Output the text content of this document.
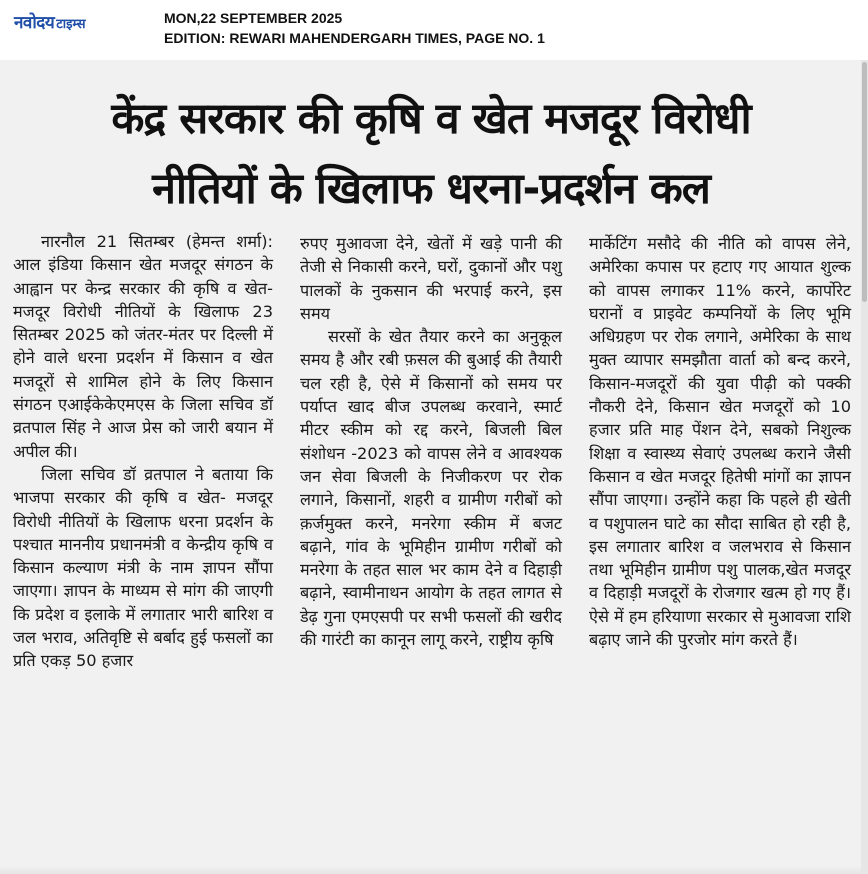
नवोदय टाइम्स	MON,22 SEPTEMBER 2025
EDITION: REWARI MAHENDERGARH TIMES, PAGE NO. 1
केंद्र सरकार की कृषि व खेत मजदूर विरोधी
नीतियों के खिलाफ धरना-प्रदर्शन कल

नारनौल 21 सितम्बर (हेमन्त शर्मा): आल इंडिया किसान खेत मजदूर संगठन के आह्वान पर केन्द्र सरकार की कृषि व खेत- मजदूर विरोधी नीतियों के खिलाफ 23 सितम्बर 2025 को जंतर-मंतर पर दिल्ली में होने वाले धरना प्रदर्शन में किसान व खेत मजदूरों से शामिल होने के लिए किसान संगठन एआईकेकेएमएस के जिला सचिव डॉ व्रतपाल सिंह ने आज प्रेस को जारी बयान में अपील की।

जिला सचिव डॉ व्रतपाल ने बताया कि भाजपा सरकार की कृषि व खेत- मजदूर विरोधी नीतियों के खिलाफ धरना प्रदर्शन के पश्चात माननीय प्रधानमंत्री व केन्द्रीय कृषि व किसान कल्याण मंत्री के नाम ज्ञापन सौंपा जाएगा। ज्ञापन के माध्यम से मांग की जाएगी कि प्रदेश व इलाके में लगातार भारी बारिश व जल भराव, अतिवृष्टि से बर्बाद हुई फसलों का प्रति एकड़ 50 हजार

रुपए मुआवजा देने, खेतों में खड़े पानी की तेजी से निकासी करने, घरों, दुकानों और पशु पालकों के नुकसान की भरपाई करने, इस समय

सरसों के खेत तैयार करने का अनुकूल समय है और रबी फ़सल की बुआई की तैयारी चल रही है, ऐसे में किसानों को समय पर पर्याप्त खाद बीज उपलब्ध करवाने, स्मार्ट मीटर स्कीम को रद्द करने, बिजली बिल संशोधन -2023 को वापस लेने व आवश्यक जन सेवा बिजली के निजीकरण पर रोक लगाने, किसानों, शहरी व ग्रामीण गरीबों को क़र्जमुक्त करने, मनरेगा स्कीम में बजट बढ़ाने, गांव के भूमिहीन ग्रामीण गरीबों को मनरेगा के तहत साल भर काम देने व दिहाड़ी बढ़ाने, स्वामीनाथन आयोग के तहत लागत से डेढ़ गुना एमएसपी पर सभी फसलों की खरीद की गारंटी का कानून लागू करने, राष्ट्रीय कृषि

मार्केटिंग मसौदे की नीति को वापस लेने, अमेरिका कपास पर हटाए गए आयात शुल्क को वापस लगाकर 11% करने, कार्पोरेट घरानों व प्राइवेट कम्पनियों के लिए भूमि अधिग्रहण पर रोक लगाने, अमेरिका के साथ मुक्त व्यापार समझौता वार्ता को बन्द करने, किसान-मजदूरों की युवा पीढ़ी को पक्की नौकरी देने, किसान खेत मजदूरों को 10 हजार प्रति माह पेंशन देने, सबको निशुल्क शिक्षा व स्वास्थ्य सेवाएं उपलब्ध कराने जैसी किसान व खेत मजदूर हितेषी मांगों का ज्ञापन सौंपा जाएगा। उन्होंने कहा कि पहले ही खेती व पशुपालन घाटे का सौदा साबित हो रही है, इस लगातार बारिश व जलभराव से किसान तथा भूमिहीन ग्रामीण पशु पालक,खेत मजदूर व दिहाड़ी मजदूरों के रोजगार खत्म हो गए हैं। ऐसे में हम हरियाणा सरकार से मुआवजा राशि बढ़ाए जाने की पुरजोर मांग करते हैं।
